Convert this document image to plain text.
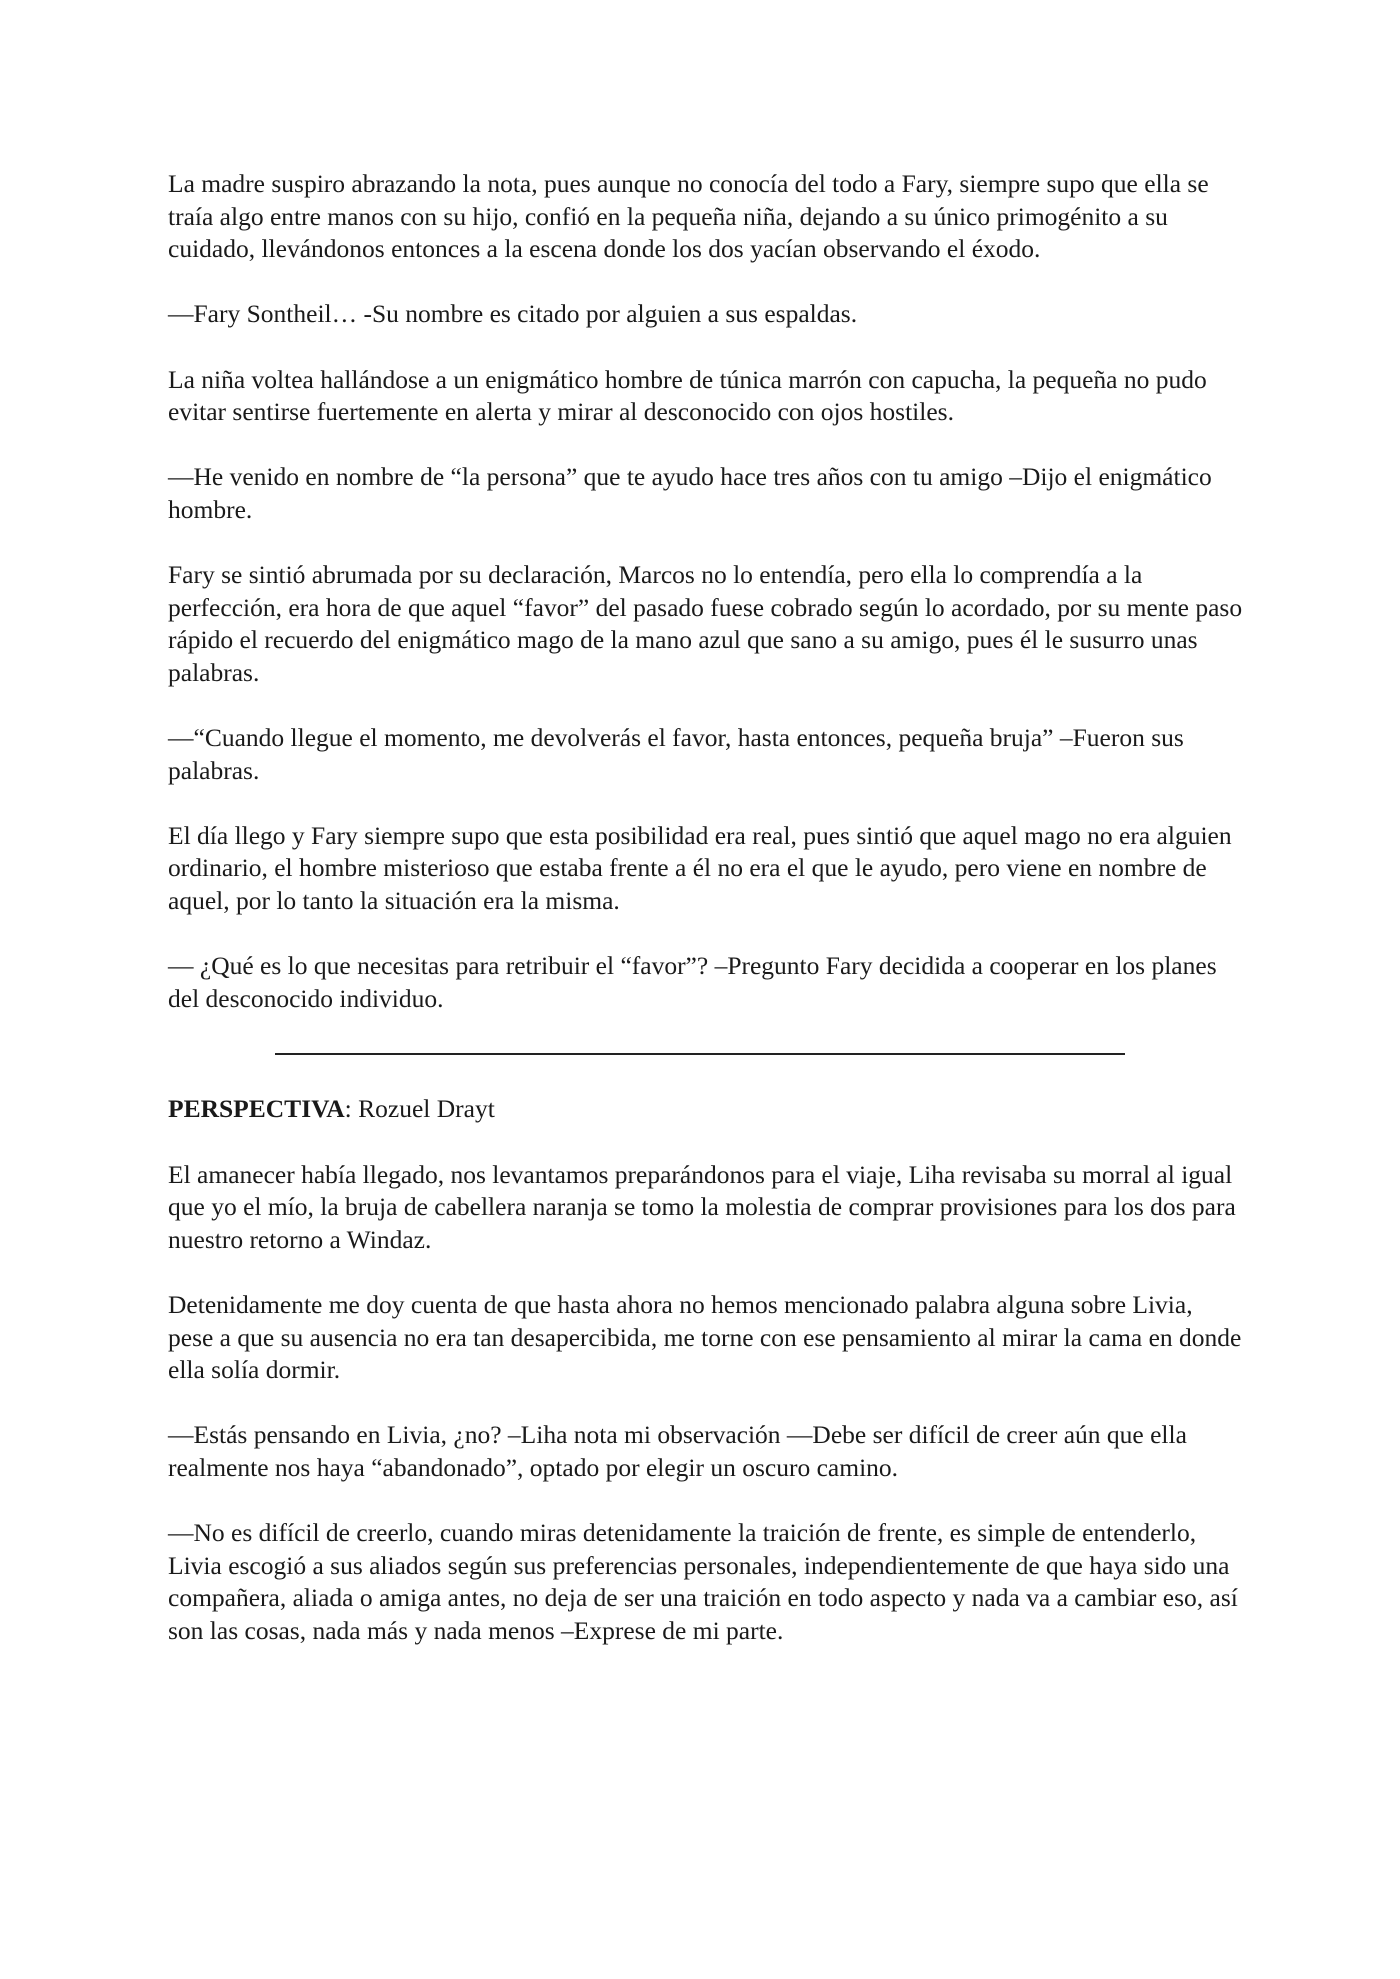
La madre suspiro abrazando la nota, pues aunque no conocía del todo a Fary, siempre supo que ella se traía algo entre manos con su hijo, confió en la pequeña niña, dejando a su único primogénito a su cuidado, llevándonos entonces a la escena donde los dos yacían observando el éxodo.

—Fary Sontheil… -Su nombre es citado por alguien a sus espaldas.

La niña voltea hallándose a un enigmático hombre de túnica marrón con capucha, la pequeña no pudo evitar sentirse fuertemente en alerta y mirar al desconocido con ojos hostiles.

—He venido en nombre de “la persona” que te ayudo hace tres años con tu amigo –Dijo el enigmático hombre.

Fary se sintió abrumada por su declaración, Marcos no lo entendía, pero ella lo comprendía a la perfección, era hora de que aquel “favor” del pasado fuese cobrado según lo acordado, por su mente paso rápido el recuerdo del enigmático mago de la mano azul que sano a su amigo, pues él le susurro unas palabras.

—“Cuando llegue el momento, me devolverás el favor, hasta entonces, pequeña bruja” –Fueron sus palabras.

El día llego y Fary siempre supo que esta posibilidad era real, pues sintió que aquel mago no era alguien ordinario, el hombre misterioso que estaba frente a él no era el que le ayudo, pero viene en nombre de aquel, por lo tanto la situación era la misma.

— ¿Qué es lo que necesitas para retribuir el “favor”? –Pregunto Fary decidida a cooperar en los planes del desconocido individuo.

PERSPECTIVA: Rozuel Drayt

El amanecer había llegado, nos levantamos preparándonos para el viaje, Liha revisaba su morral al igual que yo el mío, la bruja de cabellera naranja se tomo la molestia de comprar provisiones para los dos para nuestro retorno a Windaz.

Detenidamente me doy cuenta de que hasta ahora no hemos mencionado palabra alguna sobre Livia, pese a que su ausencia no era tan desapercibida, me torne con ese pensamiento al mirar la cama en donde ella solía dormir.

—Estás pensando en Livia, ¿no? –Liha nota mi observación —Debe ser difícil de creer aún que ella realmente nos haya “abandonado”, optado por elegir un oscuro camino.

—No es difícil de creerlo, cuando miras detenidamente la traición de frente, es simple de entenderlo, Livia escogió a sus aliados según sus preferencias personales, independientemente de que haya sido una compañera, aliada o amiga antes, no deja de ser una traición en todo aspecto y nada va a cambiar eso, así son las cosas, nada más y nada menos –Exprese de mi parte.
